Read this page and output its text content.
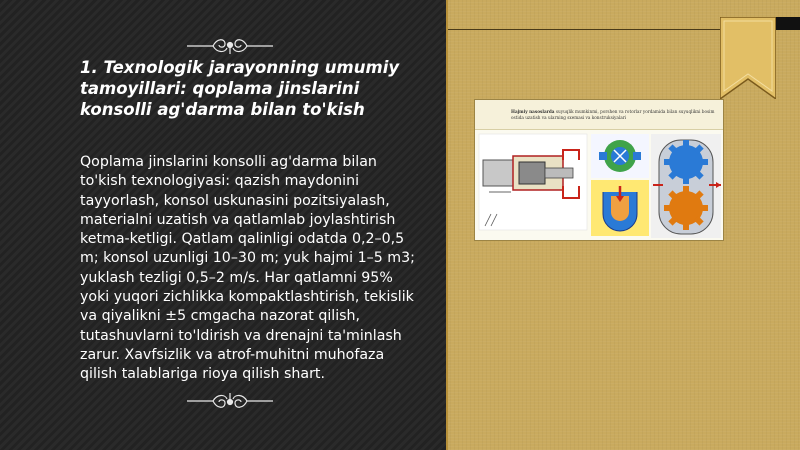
1. Texnologik jarayonning umumiy tamoyillari: qoplama jinslarini konsolli ag'darma bilan to'kish
Qoplama jinslarini konsolli ag'darma bilan to'kish texnologiyasi: qazish maydonini tayyorlash, konsol uskunasini pozitsiyalash, materialni uzatish va qatlamlab joylashtirish ketma-ketligi. Qatlam qalinligi odatda 0,2–0,5 m; konsol uzunligi 10–30 m; yuk hajmi 1–5 m3; yuklash tezligi 0,5–2 m/s. Har qatlamni 95% yoki yuqori zichlikka kompaktlashtirish, tekislik va qiyalikni ±5 cmgacha nazorat qilish, tutashuvlarni to'ldirish va drenajni ta'minlash zarur. Xavfsizlik va atrof-muhitni muhofaza qilish talablariga rioya qilish shart.
Hajmiy nasoslarda suyuqlik mumkinmi, porshen va rotorlar yordamida bilan suyuqlikni bosim ostida uzatish va ularning sxemasi va konstruksiyalari
